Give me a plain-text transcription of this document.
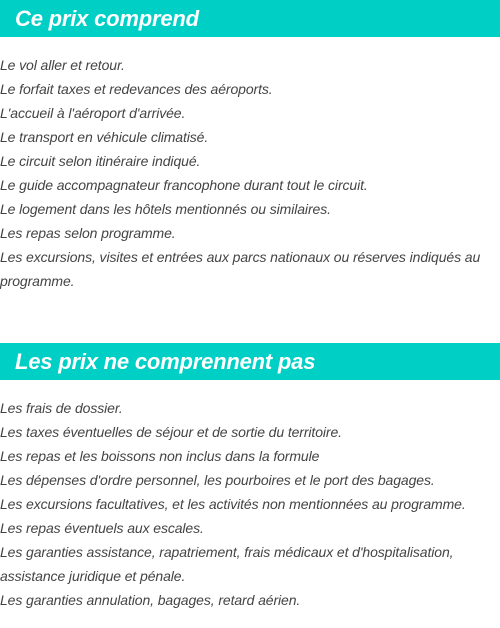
Ce prix comprend
Le vol aller et retour.
Le forfait taxes et redevances des aéroports.
L'accueil à l'aéroport d'arrivée.
Le transport en véhicule climatisé.
Le circuit selon itinéraire indiqué.
Le guide accompagnateur francophone durant tout le circuit.
Le logement dans les hôtels mentionnés ou similaires.
Les repas selon programme.
Les excursions, visites et entrées aux parcs nationaux ou réserves indiqués au programme.
Les prix ne comprennent pas
Les frais de dossier.
Les taxes éventuelles de séjour et de sortie du territoire.
Les repas et les boissons non inclus dans la formule
Les dépenses d'ordre personnel, les pourboires et le port des bagages.
Les excursions facultatives, et les activités non mentionnées au programme.
Les repas éventuels aux escales.
Les garanties assistance, rapatriement, frais médicaux et d'hospitalisation, assistance juridique et pénale.
Les garanties annulation, bagages, retard aérien.
